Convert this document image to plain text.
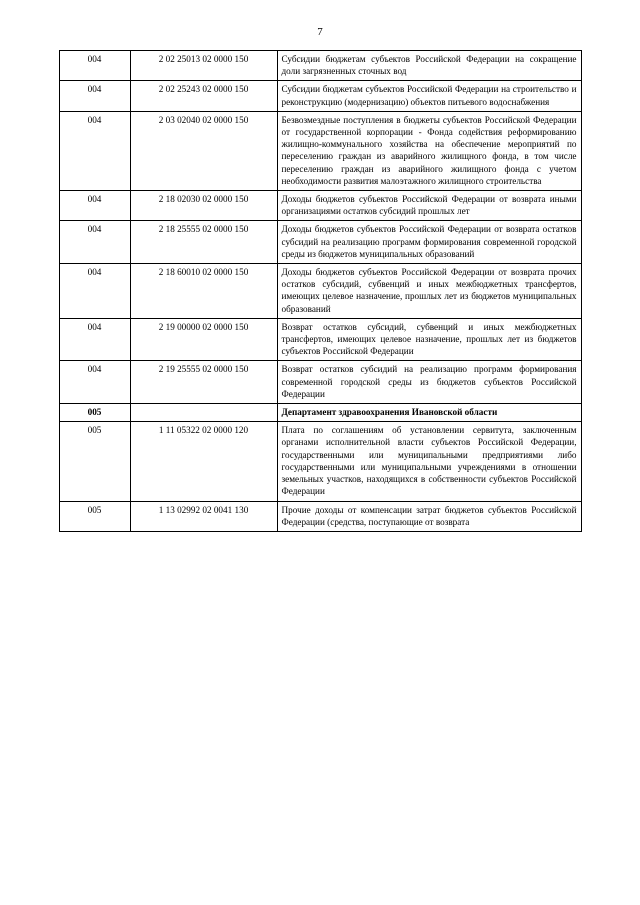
7
004	2 02 25013 02 0000 150	Субсидии бюджетам субъектов Российской Федерации на сокращение доли загрязненных сточных вод
004	2 02 25243 02 0000 150	Субсидии бюджетам субъектов Российской Федерации на строительство и реконструкцию (модернизацию) объектов питьевого водоснабжения
004	2 03 02040 02 0000 150	Безвозмездные поступления в бюджеты субъектов Российской Федерации от государственной корпорации - Фонда содействия реформированию жилищно-коммунального хозяйства на обеспечение мероприятий по переселению граждан из аварийного жилищного фонда, в том числе переселению граждан из аварийного жилищного фонда с учетом необходимости развития малоэтажного жилищного строительства
004	2 18 02030 02 0000 150	Доходы бюджетов субъектов Российской Федерации от возврата иными организациями остатков субсидий прошлых лет
004	2 18 25555 02 0000 150	Доходы бюджетов субъектов Российской Федерации от возврата остатков субсидий на реализацию программ формирования современной городской среды из бюджетов муниципальных образований
004	2 18 60010 02 0000 150	Доходы бюджетов субъектов Российской Федерации от возврата прочих остатков субсидий, субвенций и иных межбюджетных трансфертов, имеющих целевое назначение, прошлых лет из бюджетов муниципальных образований
004	2 19 00000 02 0000 150	Возврат остатков субсидий, субвенций и иных межбюджетных трансфертов, имеющих целевое назначение, прошлых лет из бюджетов субъектов Российской Федерации
004	2 19 25555 02 0000 150	Возврат остатков субсидий на реализацию программ формирования современной городской среды из бюджетов субъектов Российской Федерации
005		Департамент здравоохранения Ивановской области
005	1 11 05322 02 0000 120	Плата по соглашениям об установлении сервитута, заключенным органами исполнительной власти субъектов Российской Федерации, государственными или муниципальными предприятиями либо государственными или муниципальными учреждениями в отношении земельных участков, находящихся в собственности субъектов Российской Федерации
005	1 13 02992 02 0041 130	Прочие доходы от компенсации затрат бюджетов субъектов Российской Федерации (средства, поступающие от возврата
